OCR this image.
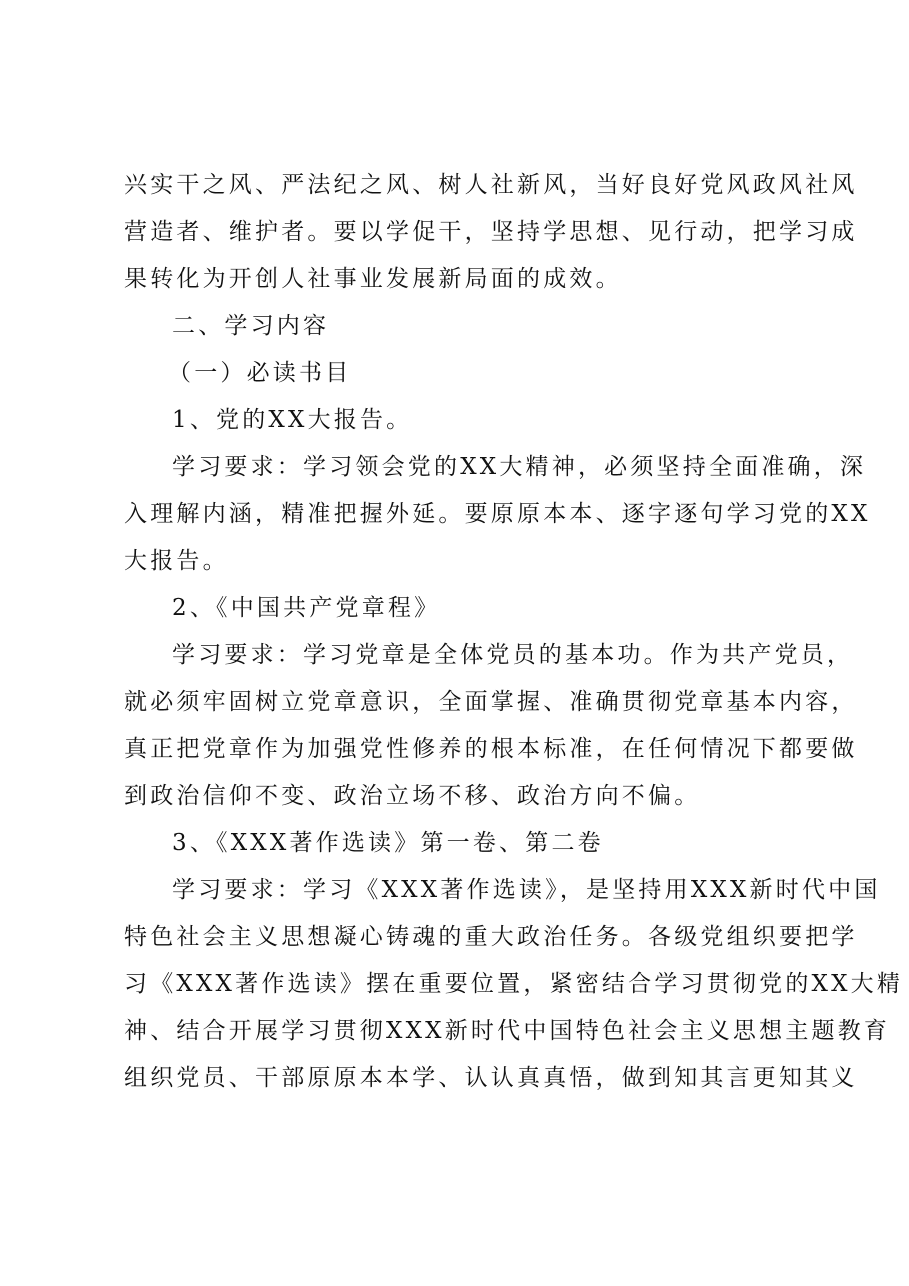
兴实干之风、严法纪之风、树人社新风，当好良好党风政风社风
营造者、维护者。要以学促干，坚持学思想、见行动，把学习成
果转化为开创人社事业发展新局面的成效。
二、学习内容
（一）必读书目
1、党的XX大报告。
学习要求：学习领会党的XX大精神，必须坚持全面准确，深
入理解内涵，精准把握外延。要原原本本、逐字逐句学习党的XX
大报告。
2、《中国共产党章程》
学习要求：学习党章是全体党员的基本功。作为共产党员，
就必须牢固树立党章意识，全面掌握、准确贯彻党章基本内容，
真正把党章作为加强党性修养的根本标准，在任何情况下都要做
到政治信仰不变、政治立场不移、政治方向不偏。
3、《XXX著作选读》第一卷、第二卷
学习要求：学习《XXX著作选读》，是坚持用XXX新时代中国
特色社会主义思想凝心铸魂的重大政治任务。各级党组织要把学
习《XXX著作选读》摆在重要位置，紧密结合学习贯彻党的XX大精
神、结合开展学习贯彻XXX新时代中国特色社会主义思想主题教育
组织党员、干部原原本本学、认认真真悟，做到知其言更知其义
